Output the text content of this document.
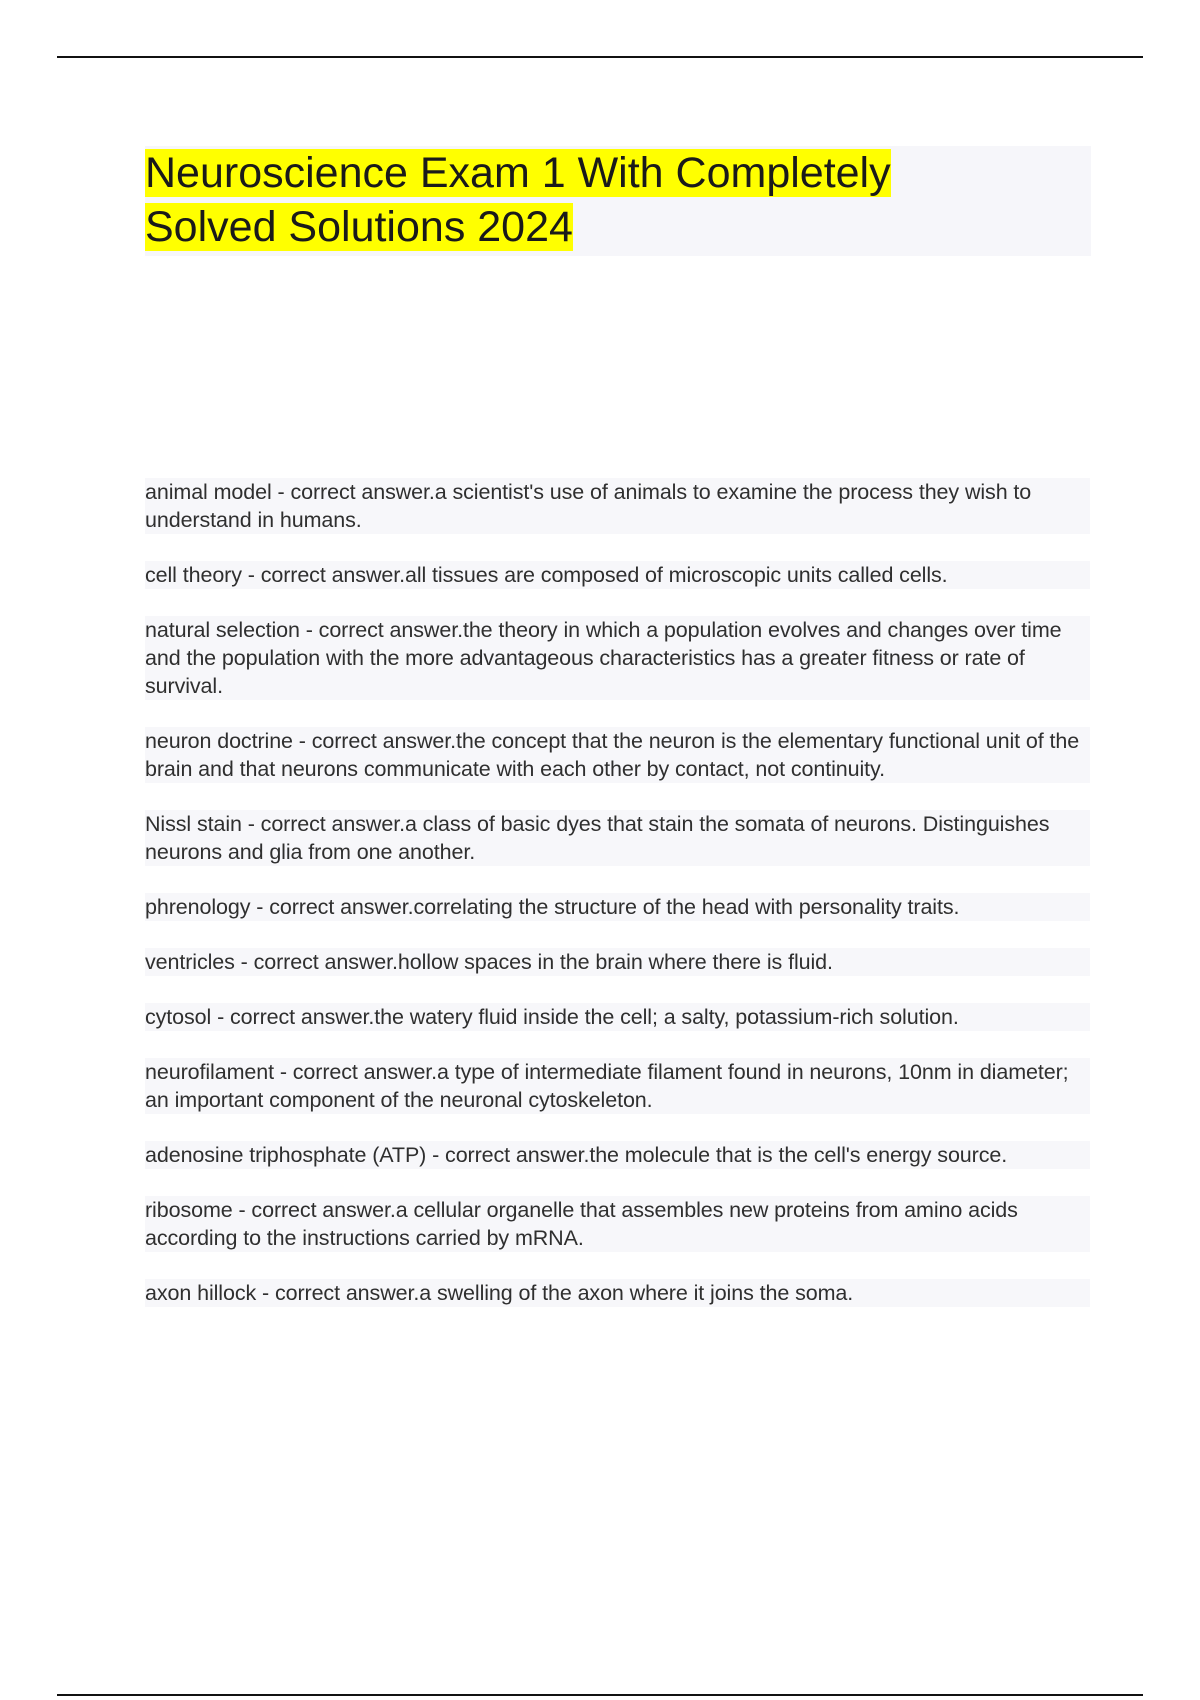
Neuroscience Exam 1 With Completely
Solved Solutions 2024
animal model - correct answer.a scientist's use of animals to examine the process they wish to understand in humans.
cell theory - correct answer.all tissues are composed of microscopic units called cells.
natural selection - correct answer.the theory in which a population evolves and changes over time and the population with the more advantageous characteristics has a greater fitness or rate of survival.
neuron doctrine - correct answer.the concept that the neuron is the elementary functional unit of the brain and that neurons communicate with each other by contact, not continuity.
Nissl stain - correct answer.a class of basic dyes that stain the somata of neurons. Distinguishes neurons and glia from one another.
phrenology - correct answer.correlating the structure of the head with personality traits.
ventricles - correct answer.hollow spaces in the brain where there is fluid.
cytosol - correct answer.the watery fluid inside the cell; a salty, potassium-rich solution.
neurofilament - correct answer.a type of intermediate filament found in neurons, 10nm in diameter; an important component of the neuronal cytoskeleton.
adenosine triphosphate (ATP) - correct answer.the molecule that is the cell's energy source.
ribosome - correct answer.a cellular organelle that assembles new proteins from amino acids according to the instructions carried by mRNA.
axon hillock - correct answer.a swelling of the axon where it joins the soma.
